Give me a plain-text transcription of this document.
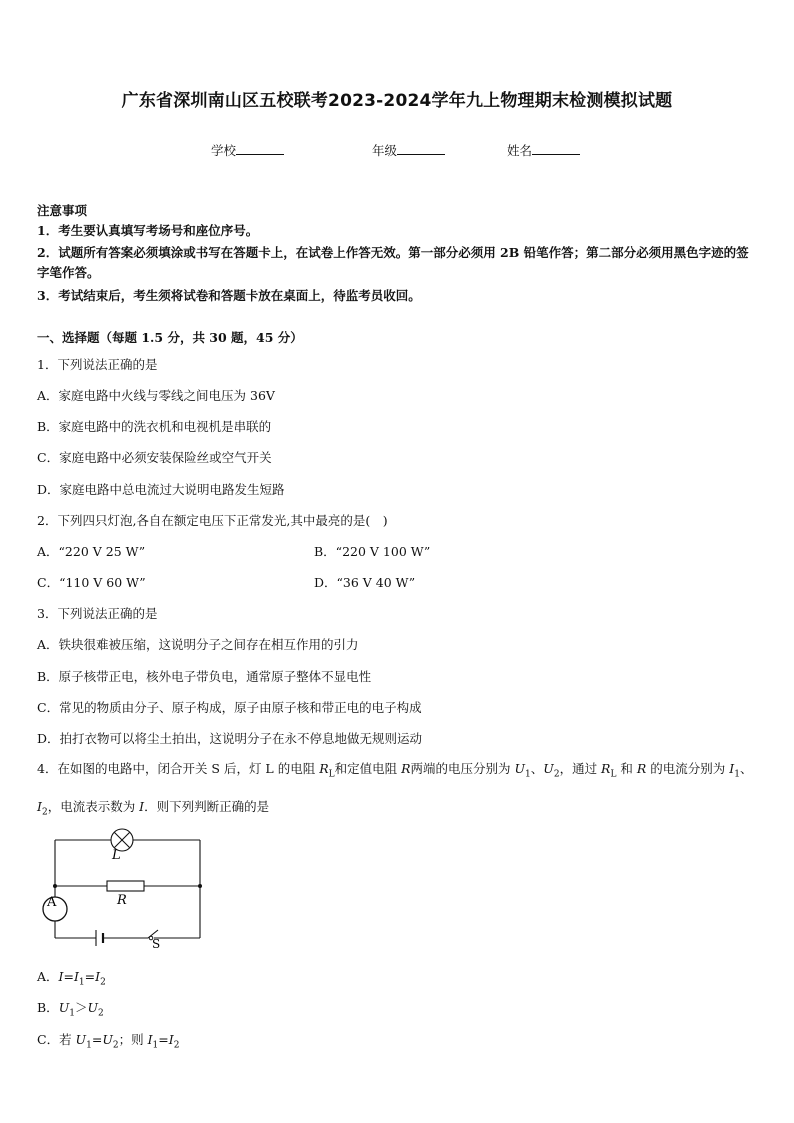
广东省深圳南山区五校联考2023-2024学年九上物理期末检测模拟试题
学校	年级	姓名
注意事项
1．考生要认真填写考场号和座位序号。
2．试题所有答案必须填涂或书写在答题卡上，在试卷上作答无效。第一部分必须用 2B 铅笔作答；第二部分必须用黑色字迹的签字笔作答。
3．考试结束后，考生须将试卷和答题卡放在桌面上，待监考员收回。
一、选择题（每题 1.5 分，共 30 题，45 分）
1．下列说法正确的是
A．家庭电路中火线与零线之间电压为 36V
B．家庭电路中的洗衣机和电视机是串联的
C．家庭电路中必须安装保险丝或空气开关
D．家庭电路中总电流过大说明电路发生短路
2．下列四只灯泡,各自在额定电压下正常发光,其中最亮的是(　)
A．“220 V 25 W”	B．“220 V 100 W”
C．“110 V 60 W”	D．“36 V 40 W”
3．下列说法正确的是
A．铁块很难被压缩，这说明分子之间存在相互作用的引力
B．原子核带正电，核外电子带负电，通常原子整体不显电性
C．常见的物质由分子、原子构成，原子由原子核和带正电的电子构成
D．拍打衣物可以将尘土拍出，这说明分子在永不停息地做无规则运动
4．在如图的电路中，闭合开关 S 后，灯 L 的电阻 $R_L$和定值电阻 R两端的电压分别为 $U_1$、$U_2$，通过 $R_L$ 和 R 的电流分别为 $I_1$、$I_2$，电流表示数为 I．则下列判断正确的是
L
R
A
S
A．$I=I_1=I_2$
B．$U_1>U_2$
C．若 $U_1=U_2$；则 $I_1=I_2$
